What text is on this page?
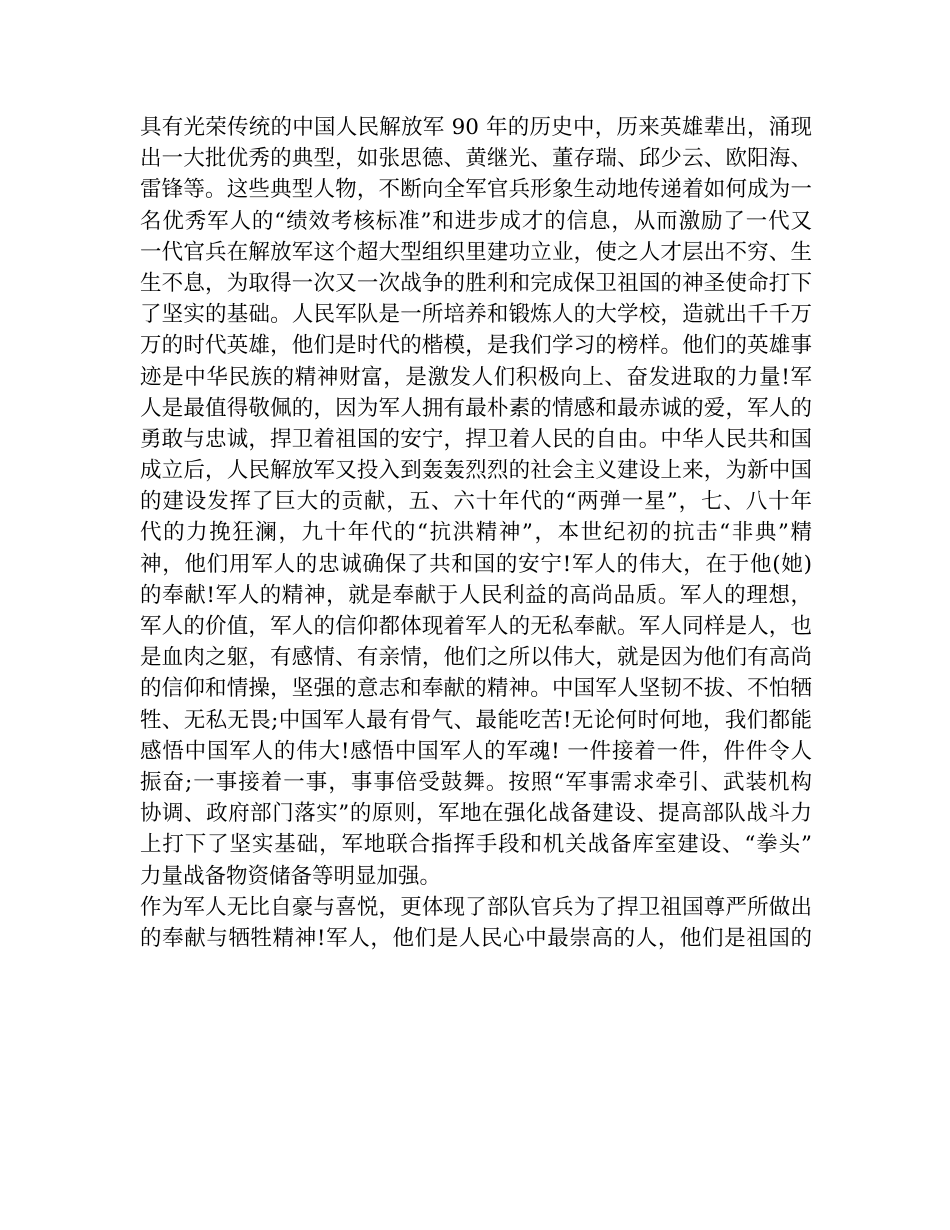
具有光荣传统的中国人民解放军 90 年的历史中，历来英雄辈出，涌现
出一大批优秀的典型，如张思德、黄继光、董存瑞、邱少云、欧阳海、
雷锋等。这些典型人物，不断向全军官兵形象生动地传递着如何成为一
名优秀军人的“绩效考核标准”和进步成才的信息，从而激励了一代又
一代官兵在解放军这个超大型组织里建功立业，使之人才层出不穷、生
生不息，为取得一次又一次战争的胜利和完成保卫祖国的神圣使命打下
了坚实的基础。人民军队是一所培养和锻炼人的大学校，造就出千千万
万的时代英雄，他们是时代的楷模，是我们学习的榜样。他们的英雄事
迹是中华民族的精神财富，是激发人们积极向上、奋发进取的力量!军
人是最值得敬佩的，因为军人拥有最朴素的情感和最赤诚的爱，军人的
勇敢与忠诚，捍卫着祖国的安宁，捍卫着人民的自由。中华人民共和国
成立后，人民解放军又投入到轰轰烈烈的社会主义建设上来，为新中国
的建设发挥了巨大的贡献，五、六十年代的“两弹一星”，七、八十年
代的力挽狂澜，九十年代的“抗洪精神”，本世纪初的抗击“非典”精
神，他们用军人的忠诚确保了共和国的安宁!军人的伟大，在于他(她)
的奉献!军人的精神，就是奉献于人民利益的高尚品质。军人的理想，
军人的价值，军人的信仰都体现着军人的无私奉献。军人同样是人，也
是血肉之躯，有感情、有亲情，他们之所以伟大，就是因为他们有高尚
的信仰和情操，坚强的意志和奉献的精神。中国军人坚韧不拔、不怕牺
牲、无私无畏;中国军人最有骨气、最能吃苦!无论何时何地，我们都能
感悟中国军人的伟大!感悟中国军人的军魂! 一件接着一件，件件令人
振奋;一事接着一事，事事倍受鼓舞。按照“军事需求牵引、武装机构
协调、政府部门落实”的原则，军地在强化战备建设、提高部队战斗力
上打下了坚实基础，军地联合指挥手段和机关战备库室建设、“拳头”
力量战备物资储备等明显加强。
作为军人无比自豪与喜悦，更体现了部队官兵为了捍卫祖国尊严所做出
的奉献与牺牲精神!军人，他们是人民心中最崇高的人，他们是祖国的
